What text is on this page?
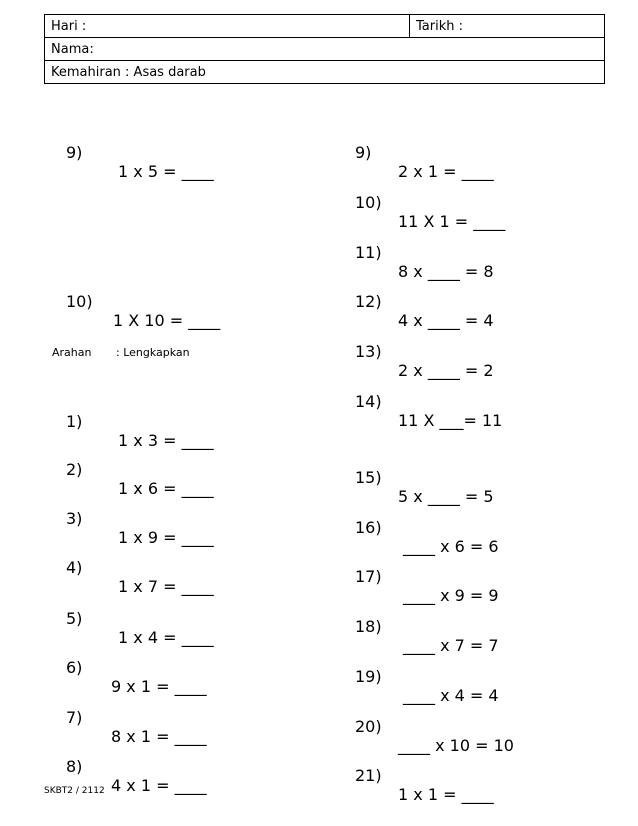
Hari :	Tarikh :
Nama:
Kemahiran : Asas darab

9)

1 x 5 = ____

10)

1 X 10 = ____

Arahan : Lengkapkan

1)

1 x 3 = ____

2)

1 x 6 = ____

3)

1 x 9 = ____

4)

1 x 7 = ____

5)

1 x 4 = ____

6)

9 x 1 = ____

7)

8 x 1 = ____

8)

4 x 1 = ____

9)

2 x 1 = ____

10)

11 X 1 = ____

11)

8 x ____ = 8

12)

4 x ____ = 4

13)

2 x ____ = 2

14)

11 X ___= 11

15)

5 x ____ = 5

16)

____ x 6 = 6

17)

____ x 9 = 9

18)

____ x 7 = 7

19)

____ x 4 = 4

20)

____ x 10 = 10

21)

1 x 1 = ____

SKBT2 / 2112
